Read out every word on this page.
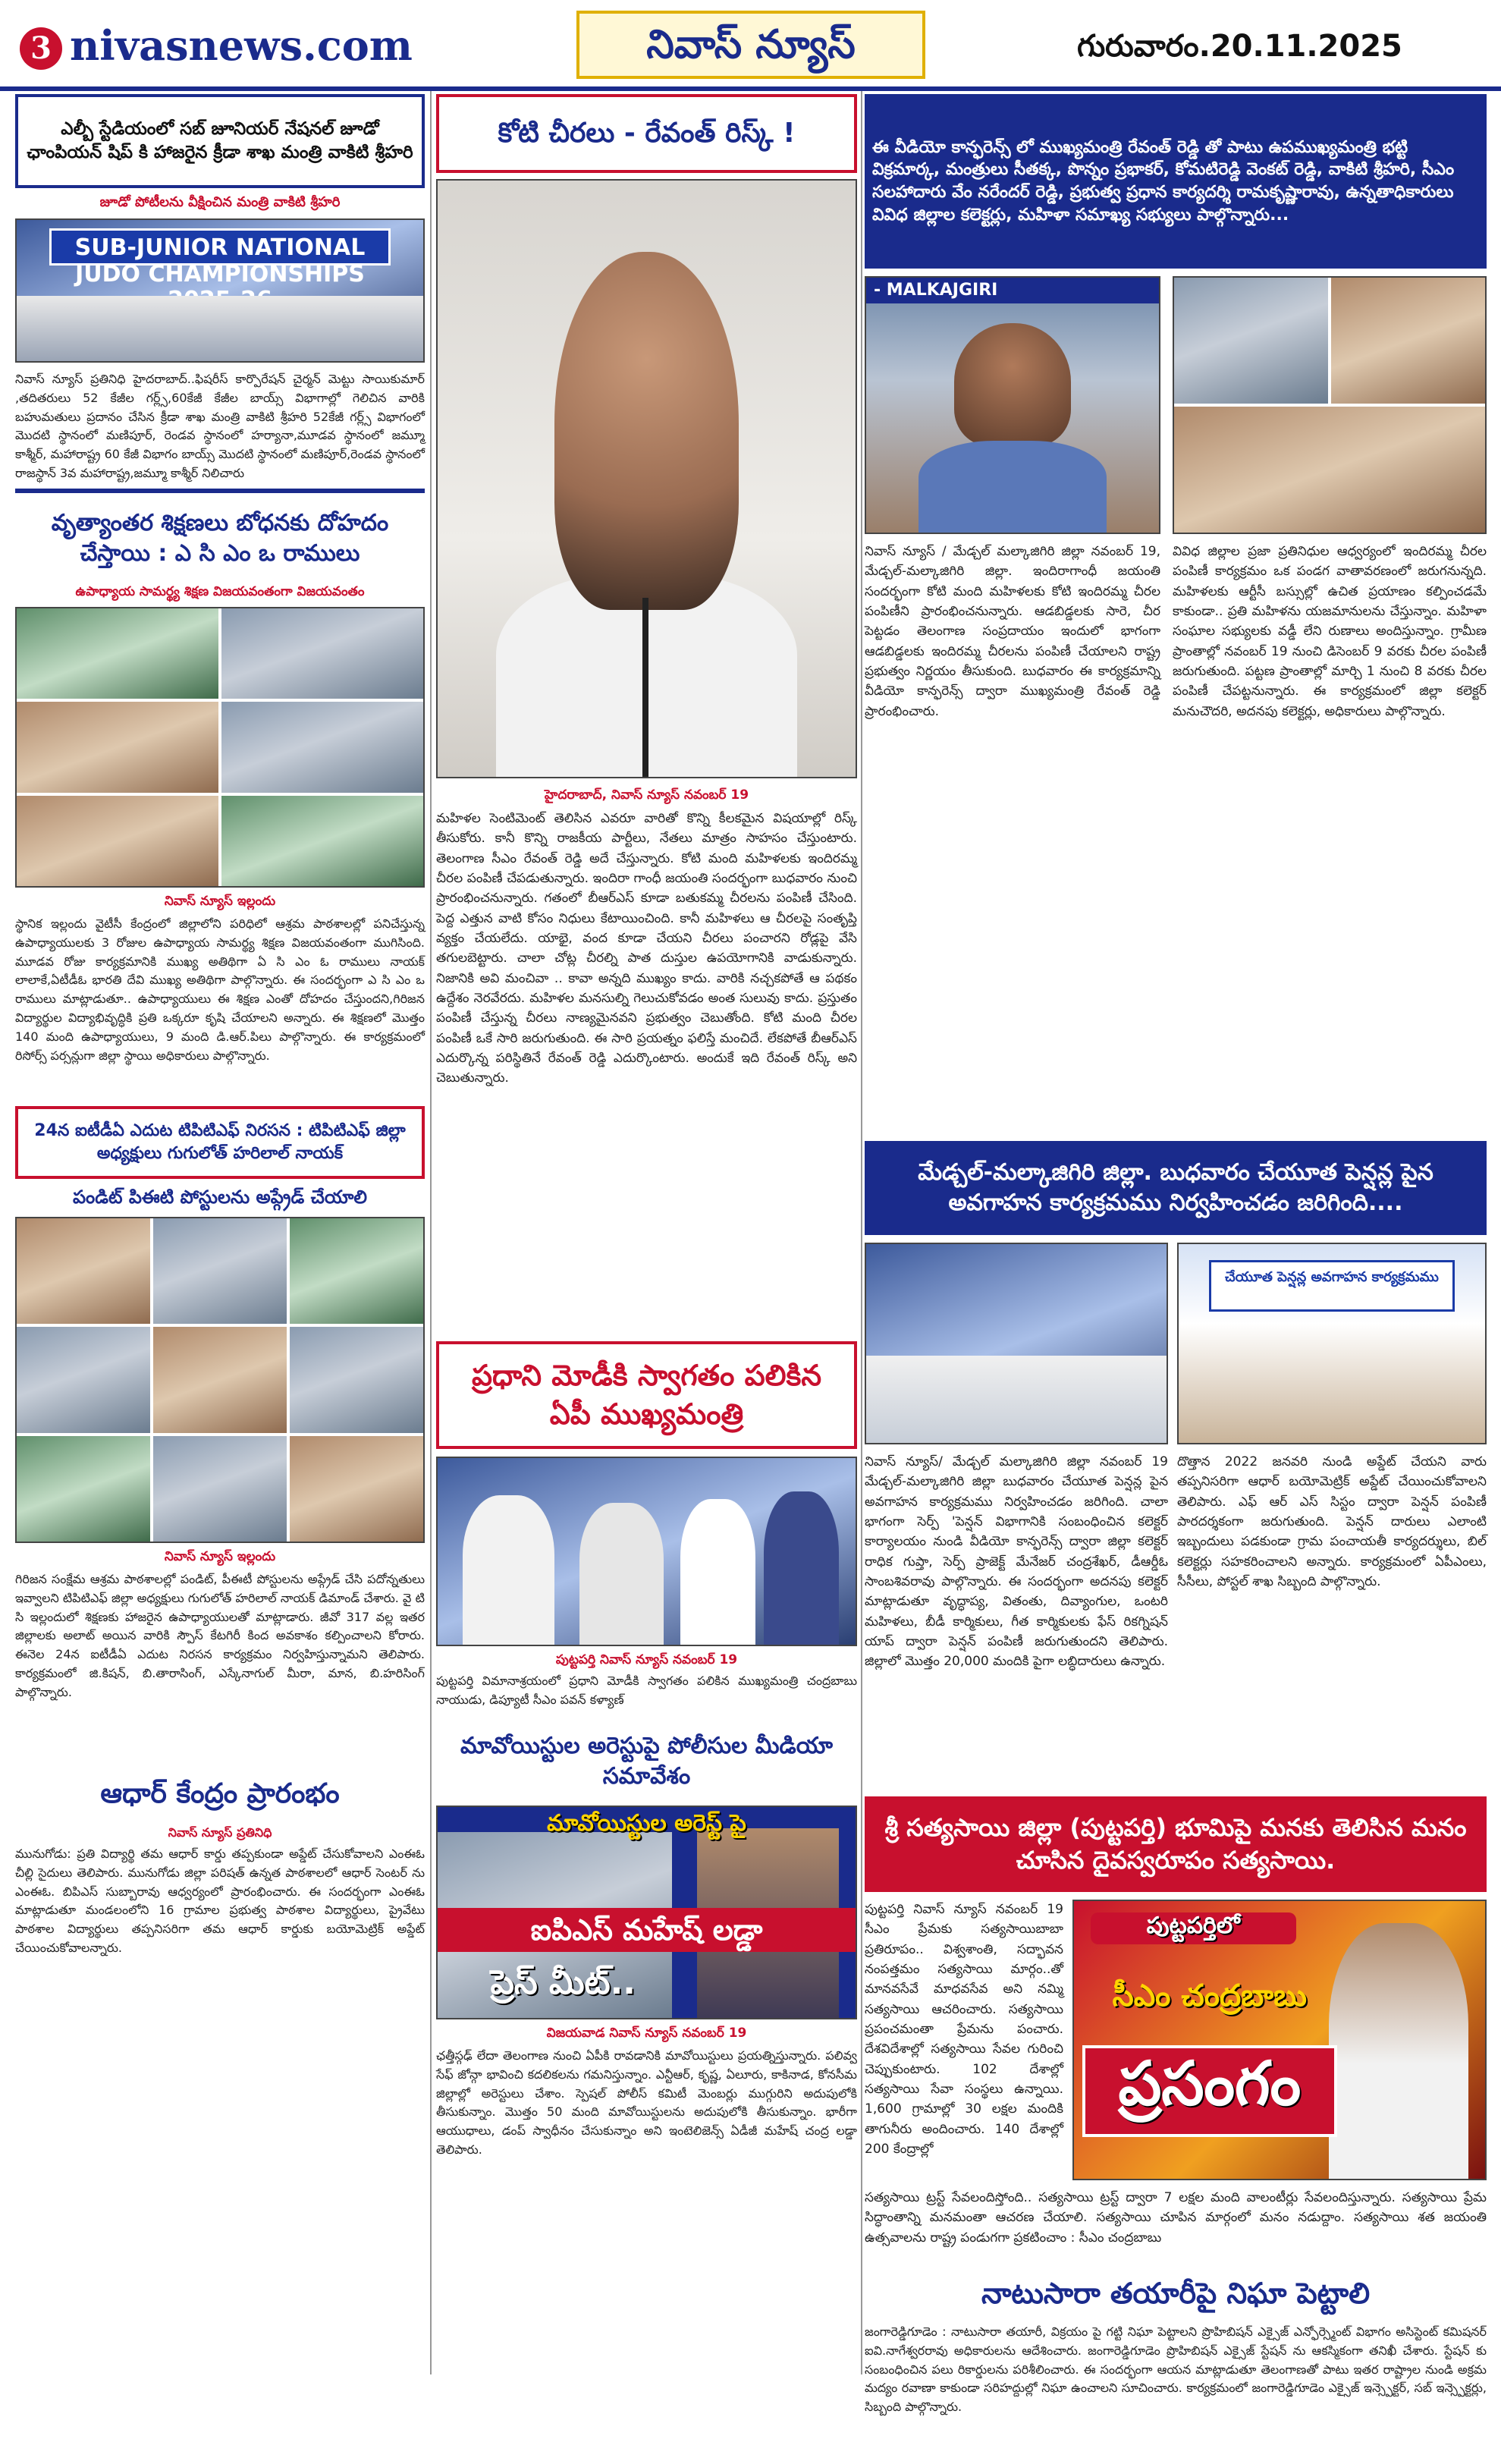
3 nivasnews.com	నివాస్ న్యూస్	గురువారం.20.11.2025
ఎల్బీ స్టేడియంలో సబ్ జూనియర్ నేషనల్ జూడో ఛాంపియన్ షిప్ కి హాజరైన క్రీడా శాఖ మంత్రి వాకిటి శ్రీహరి
జూడో పోటీలను వీక్షించిన మంత్రి వాకిటి శ్రీహరి
SUB-JUNIOR NATIONAL
JUDO CHAMPIONSHIPS
నివాస్ న్యూస్ ప్రతినిధి హైదరాబాద్..ఫిషరీస్ కార్పొరేషన్ చైర్మన్ మెట్టు సాయికుమార్ ,తదితరులు 52 కేజీల గర్ల్స్,60కేజీ కేజీల బాయ్స్ విభాగాల్లో గెలిచిన వారికి బహుమతులు ప్రదానం చేసిన క్రీడా శాఖ మంత్రి వాకిటి శ్రీహరి 52కేజీ గర్ల్స్ విభాగంలో మొదటి స్థానంలో మణిపూర్, రెండవ స్థానంలో హర్యానా,మూడవ స్థానంలో జమ్మూ కాశ్మీర్, మహారాష్ట్ర 60 కేజీ విభాగం బాయ్స్ మొదటి స్థానంలో మణిపూర్,రెండవ స్థానంలో రాజస్థాన్ 3వ మహారాష్ట్ర,జమ్మూ కాశ్మీర్ నిలిచారు
వృత్యాంతర శిక్షణలు బోధనకు దోహదం చేస్తాయి : ఎ సి ఎం ఒ రాములు
ఉపాధ్యాయ సామర్థ్య శిక్షణ విజయవంతంగా విజయవంతం
నివాస్ న్యూస్ ఇల్లందు
స్థానిక ఇల్లందు వైటీసీ కేంద్రంలో జిల్లాలోని పరిధిలో ఆశ్రమ పాఠశాలల్లో పనిచేస్తున్న ఉపాధ్యాయులకు 3 రోజుల ఉపాధ్యాయ సామర్థ్య శిక్షణ విజయవంతంగా ముగిసింది. మూడవ రోజు కార్యక్రమానికి ముఖ్య అతిథిగా ఏ సి ఎం ఓ రాములు నాయక్ లాలాకే,ఏటీడీఓ భారతి దేవి ముఖ్య అతిథిగా పాల్గొన్నారు. ఈ సందర్భంగా ఎ సి ఎం ఒ రాములు మాట్లాడుతూ.. ఉపాధ్యాయులు ఈ శిక్షణ ఎంతో దోహదం చేస్తుందని,గిరిజన విద్యార్థుల విద్యాభివృద్ధికి ప్రతి ఒక్కరూ కృషి చేయాలని అన్నారు. ఈ శిక్షణలో మొత్తం 140 మంది ఉపాధ్యాయులు, 9 మంది డి.ఆర్.పిలు పాల్గొన్నారు. ఈ కార్యక్రమంలో రిసోర్స్ పర్సన్లుగా జిల్లా స్థాయి అధికారులు పాల్గొన్నారు.
24న ఐటీడీఏ ఎదుట టిపిటిఎఫ్ నిరసన : టిపిటిఎఫ్ జిల్లా అధ్యక్షులు గుగులోత్ హరిలాల్ నాయక్
పండిట్ పిఈటి పోస్టులను అప్గ్రేడ్ చేయాలి
నివాస్ న్యూస్ ఇల్లందు
గిరిజన సంక్షేమ ఆశ్రమ పాఠశాలల్లో పండిట్, పీఈటీ పోస్టులను అప్గ్రేడ్ చేసి పదోన్నతులు ఇవ్వాలని టిపిటిఎఫ్ జిల్లా అధ్యక్షులు గుగులోత్ హరిలాల్ నాయక్ డిమాండ్ చేశారు. వై టి సి ఇల్లందులో శిక్షణకు హాజరైన ఉపాధ్యాయులతో మాట్లాడారు. జీవో 317 వల్ల ఇతర జిల్లాలకు అలాట్ అయిన వారికి స్పౌస్ కేటగిరీ కింద అవకాశం కల్పించాలని కోరారు. ఈనెల 24న ఐటీడీఏ ఎదుట నిరసన కార్యక్రమం నిర్వహిస్తున్నామని తెలిపారు. కార్యక్రమంలో జి.కిషన్, బి.తారాసింగ్, ఎస్కేనాగుల్ మీరా, మాన, బి.హరిసింగ్ పాల్గొన్నారు.
ఆధార్ కేంద్రం ప్రారంభం
నివాస్ న్యూస్ ప్రతినిధి
మునుగోడు: ప్రతి విద్యార్థి తమ ఆధార్ కార్డు తప్పకుండా అప్డేట్ చేసుకోవాలని ఎంఈఓ చీల్లి సైదులు తెలిపారు. మునుగోడు జిల్లా పరిషత్ ఉన్నత పాఠశాలలో ఆధార్ సెంటర్ ను ఎంఈఓ. బిపిఎస్ సుబ్బారావు ఆధ్వర్యంలో ప్రారంభించారు. ఈ సందర్భంగా ఎంఈఓ మాట్లాడుతూ మండలంలోని 16 గ్రామాల ప్రభుత్వ పాఠశాల విద్యార్థులు, ప్రైవేటు పాఠశాల విద్యార్థులు తప్పనిసరిగా తమ ఆధార్ కార్డుకు బయోమెట్రిక్ అప్డేట్ చేయించుకోవాలన్నారు.
కోటి చీరలు - రేవంత్ రిస్క్ !
హైదరాబాద్, నివాస్ న్యూస్ నవంబర్ 19
మహిళల సెంటిమెంట్ తెలిసిన ఎవరూ వారితో కొన్ని కీలకమైన విషయాల్లో రిస్క్ తీసుకోరు. కానీ కొన్ని రాజకీయ పార్టీలు, నేతలు మాత్రం సాహసం చేస్తుంటారు. తెలంగాణ సీఎం రేవంత్ రెడ్డి అదే చేస్తున్నారు. కోటి మంది మహిళలకు ఇందిరమ్మ చీరల పంపిణీ చేపడుతున్నారు. ఇందిరా గాంధీ జయంతి సందర్భంగా బుధవారం నుంచి ప్రారంభించనున్నారు. గతంలో బీఆర్ఎస్ కూడా బతుకమ్మ చీరలను పంపిణీ చేసింది. పెద్ద ఎత్తున వాటి కోసం నిధులు కేటాయించింది. కానీ మహిళలు ఆ చీరలపై సంతృప్తి వ్యక్తం చేయలేదు. యాభై, వంద కూడా చేయని చీరలు పంచారని రోడ్లపై వేసి తగులబెట్టారు. చాలా చోట్ల చీరల్ని పాత దుస్తుల ఉపయోగానికి వాడుకున్నారు. నిజానికి అవి మంచివా .. కావా అన్నది ముఖ్యం కాదు. వారికి నచ్చకపోతే ఆ పథకం ఉద్దేశం నెరవేరదు. మహిళల మనసుల్ని గెలుచుకోవడం అంత సులువు కాదు. ప్రస్తుతం పంపిణీ చేస్తున్న చీరలు నాణ్యమైనవని ప్రభుత్వం చెబుతోంది. కోటి మంది చీరల పంపిణీ ఒకే సారి జరుగుతుంది. ఈ సారి ప్రయత్నం ఫలిస్తే మంచిదే. లేకపోతే బీఆర్ఎస్ ఎదుర్కొన్న పరిస్థితినే రేవంత్ రెడ్డి ఎదుర్కొంటారు. అందుకే ఇది రేవంత్ రిస్క్ అని చెబుతున్నారు.
ప్రధాని మోడీకి స్వాగతం పలికిన ఏపీ ముఖ్యమంత్రి
పుట్టపర్తి నివాస్ న్యూస్ నవంబర్ 19
పుట్టపర్తి విమానాశ్రయంలో ప్రధాని మోడీకి స్వాగతం పలికిన ముఖ్యమంత్రి చంద్రబాబు నాయుడు, డిప్యూటీ సీఎం పవన్ కళ్యాణ్
మావోయిస్టుల అరెస్టుపై పోలీసుల మీడియా సమావేశం
మావోయిస్టుల అరెస్ట్ పై
ఐపిఎస్ మహేష్ లడ్డా
ప్రెస్ మీట్..
విజయవాడ నివాస్ న్యూస్ నవంబర్ 19
ఛత్తీస్గఢ్ లేదా తెలంగాణ నుంచి ఏపీకి రావడానికి మావోయిస్టులు ప్రయత్నిస్తున్నారు. పలివ్వ సేఫ్ జోన్గా భావించి కదలికలను గమనిస్తున్నాం. ఎన్టీఆర్, కృష్ణ, ఏలూరు, కాకినాడ, కోనసీమ జిల్లాల్లో అరెస్టులు చేశాం. స్పెషల్ పోలీస్ కమిటీ మెంబర్లు ముగ్గురిని అదుపులోకి తీసుకున్నాం. మొత్తం 50 మంది మావోయిస్టులను అదుపులోకి తీసుకున్నాం. భారీగా ఆయుధాలు, డంప్ స్వాధీనం చేసుకున్నాం అని ఇంటెలిజెన్స్ ఏడీజీ మహేష్ చంద్ర లడ్డా తెలిపారు.
ఈ వీడియో కాన్ఫరెన్స్ లో ముఖ్యమంత్రి రేవంత్ రెడ్డి తో పాటు ఉపముఖ్యమంత్రి భట్టి విక్రమార్క, మంత్రులు సీతక్క, పొన్నం ప్రభాకర్, కోమటిరెడ్డి వెంకట్ రెడ్డి, వాకిటి శ్రీహరి, సీఎం సలహాదారు వేం నరేందర్ రెడ్డి, ప్రభుత్వ ప్రధాన కార్యదర్శి రామకృష్ణారావు, ఉన్నతాధికారులు వివిధ జిల్లాల కలెక్టర్లు, మహిళా సమాఖ్య సభ్యులు పాల్గొన్నారు...
- MALKAJGIRI
నివాస్ న్యూస్ / మేడ్చల్ మల్కాజిగిరి జిల్లా నవంబర్ 19, మేడ్చల్-మల్కాజిగిరి జిల్లా. ఇందిరాగాంధీ జయంతి సందర్భంగా కోటి మంది మహిళలకు కోటి ఇందిరమ్మ చీరల పంపిణీని ప్రారంభించనున్నారు. ఆడబిడ్డలకు సారె, చీర పెట్టడం తెలంగాణ సంప్రదాయం ఇందులో భాగంగా ఆడబిడ్డలకు ఇందిరమ్మ చీరలను పంపిణీ చేయాలని రాష్ట్ర ప్రభుత్వం నిర్ణయం తీసుకుంది. బుధవారం ఈ కార్యక్రమాన్ని వీడియో కాన్ఫరెన్స్ ద్వారా ముఖ్యమంత్రి రేవంత్ రెడ్డి ప్రారంభించారు.
వివిధ జిల్లాల ప్రజా ప్రతినిధుల ఆధ్వర్యంలో ఇందిరమ్మ చీరల పంపిణీ కార్యక్రమం ఒక పండగ వాతావరణంలో జరుగనున్నది. మహిళలకు ఆర్టీసీ బస్సుల్లో ఉచిత ప్రయాణం కల్పించడమే కాకుండా.. ప్రతి మహిళను యజమానులను చేస్తున్నాం. మహిళా సంఘాల సభ్యులకు వడ్డీ లేని రుణాలు అందిస్తున్నాం. గ్రామీణ ప్రాంతాల్లో నవంబర్ 19 నుంచి డిసెంబర్ 9 వరకు చీరల పంపిణీ జరుగుతుంది. పట్టణ ప్రాంతాల్లో మార్చి 1 నుంచి 8 వరకు చీరల పంపిణీ చేపట్టనున్నారు. ఈ కార్యక్రమంలో జిల్లా కలెక్టర్ మనుచౌదరి, అదనపు కలెక్టర్లు, అధికారులు పాల్గొన్నారు.
మేడ్చల్-మల్కాజిగిరి జిల్లా. బుధవారం చేయూత పెన్షన్ల పైన అవగాహన కార్యక్రమము నిర్వహించడం జరిగింది....
చేయూత పెన్షన్ల అవగాహన కార్యక్రమము
నివాస్ న్యూస్/ మేడ్చల్ మల్కాజిగిరి జిల్లా నవంబర్ 19 మేడ్చల్-మల్కాజిగిరి జిల్లా బుధవారం చేయూత పెన్షన్ల పైన అవగాహన కార్యక్రమము నిర్వహించడం జరిగింది. చాలా భాగంగా సెర్ప్ 'పెన్షన్ విభాగానికి సంబంధించిన కలెక్టర్ కార్యాలయం నుండి వీడియో కాన్ఫరెన్స్ ద్వారా జిల్లా కలెక్టర్ రాధిక గుప్తా, సెర్ప్ ప్రాజెక్ట్ మేనేజర్ చంద్రశేఖర్, డీఆర్డీఓ సాంబశివరావు పాల్గొన్నారు. ఈ సందర్భంగా అదనపు కలెక్టర్ మాట్లాడుతూ వృద్ధాప్య, వితంతు, దివ్యాంగుల, ఒంటరి మహిళలు, బీడీ కార్మికులు, గీత కార్మికులకు ఫేస్ రికగ్నిషన్ యాప్ ద్వారా పెన్షన్ పంపిణీ జరుగుతుందని తెలిపారు. జిల్లాలో మొత్తం 20,000 మందికి పైగా లబ్ధిదారులు ఉన్నారు.
దొత్తాన 2022 జనవరి నుండి అప్డేట్ చేయని వారు తప్పనిసరిగా ఆధార్ బయోమెట్రిక్ అప్డేట్ చేయించుకోవాలని తెలిపారు. ఎఫ్ ఆర్ ఎస్ సిస్టం ద్వారా పెన్షన్ పంపిణీ పారదర్శకంగా జరుగుతుంది. పెన్షన్ దారులు ఎలాంటి ఇబ్బందులు పడకుండా గ్రామ పంచాయతీ కార్యదర్శులు, బిల్ కలెక్టర్లు సహకరించాలని అన్నారు. కార్యక్రమంలో ఏపీఎంలు, సీసీలు, పోస్టల్ శాఖ సిబ్బంది పాల్గొన్నారు.
శ్రీ సత్యసాయి జిల్లా (పుట్టపర్తి) భూమిపై మనకు తెలిసిన మనం చూసిన దైవస్వరూపం సత్యసాయి.
పుట్టపర్తి నివాస్ న్యూస్ నవంబర్ 19 సీఎం ప్రేమకు సత్యసాయిబాబా ప్రతిరూపం.. విశ్వశాంతి, సద్భావన నంపత్తమం సత్యసాయి మార్గం..తో మానవసేవే మాధవసేవ అని నమ్మి సత్యసాయి ఆచరించారు. సత్యసాయి ప్రపంచమంతా ప్రేమను పంచారు. దేశవిదేశాల్లో సత్యసాయి సేవల గురించి చెప్పుకుంటారు. 102 దేశాల్లో సత్యసాయి సేవా సంస్థలు ఉన్నాయి. 1,600 గ్రామాల్లో 30 లక్షల మందికి తాగునీరు అందించారు. 140 దేశాల్లో 200 కేంద్రాల్లో
పుట్టపర్తిలో
సీఎం చంద్రబాబు
ప్రసంగం
సత్యసాయి ట్రస్ట్ సేవలందిస్తోంది.. సత్యసాయి ట్రస్ట్ ద్వారా 7 లక్షల మంది వాలంటీర్లు సేవలందిస్తున్నారు. సత్యసాయి ప్రేమ సిద్ధాంతాన్ని మనమంతా ఆచరణ చేయాలి. సత్యసాయి చూపిన మార్గంలో మనం నడుద్దాం. సత్యసాయి శత జయంతి ఉత్సవాలను రాష్ట్ర పండుగగా ప్రకటించాం : సీఎం చంద్రబాబు
నాటుసారా తయారీపై నిఘా పెట్టాలి
జంగారెడ్డిగూడెం : నాటుసారా తయారీ, విక్రయం పై గట్టి నిఘా పెట్టాలని ప్రొహిబిషన్ ఎక్సైజ్ ఎన్ఫోర్స్మెంట్ విభాగం అసిస్టెంట్ కమిషనర్ ఐవి.నాగేశ్వరరావు అధికారులను ఆదేశించారు. జంగారెడ్డిగూడెం ప్రొహిబిషన్ ఎక్సైజ్ స్టేషన్ ను ఆకస్మికంగా తనిఖీ చేశారు. స్టేషన్ కు సంబంధించిన పలు రికార్డులను పరిశీలించారు. ఈ సందర్భంగా ఆయన మాట్లాడుతూ తెలంగాణతో పాటు ఇతర రాష్ట్రాల నుండి అక్రమ మద్యం రవాణా కాకుండా సరిహద్దుల్లో నిఘా ఉంచాలని సూచించారు. కార్యక్రమంలో జంగారెడ్డిగూడెం ఎక్సైజ్ ఇన్స్పెక్టర్, సబ్ ఇన్స్పెక్టర్లు, సిబ్బంది పాల్గొన్నారు.
